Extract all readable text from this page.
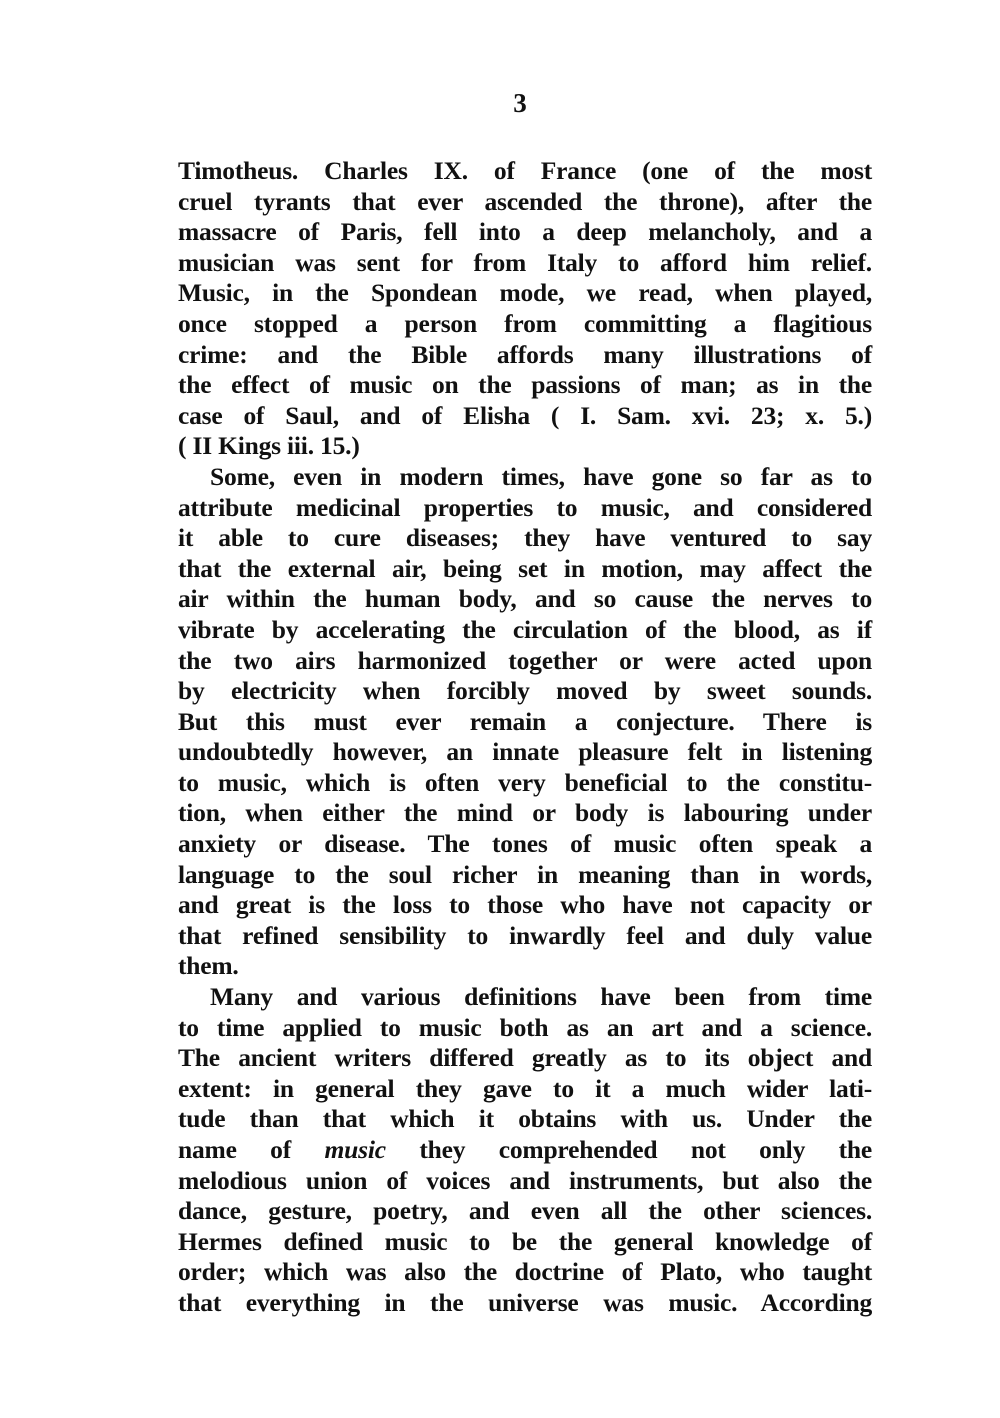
3
Timotheus. Charles IX. of France (one of the most
cruel tyrants that ever ascended the throne), after the
massacre of Paris, fell into a deep melancholy, and a
musician was sent for from Italy to afford him relief.
Music, in the Spondean mode, we read, when played,
once stopped a person from committing a flagitious
crime: and the Bible affords many illustrations of
the effect of music on the passions of man; as in the
case of Saul, and of Elisha ( I. Sam. xvi. 23; x. 5.)
( II Kings iii. 15.)
Some, even in modern times, have gone so far as to
attribute medicinal properties to music, and considered
it able to cure diseases; they have ventured to say
that the external air, being set in motion, may affect the
air within the human body, and so cause the nerves to
vibrate by accelerating the circulation of the blood, as if
the two airs harmonized together or were acted upon
by electricity when forcibly moved by sweet sounds.
But this must ever remain a conjecture. There is
undoubtedly however, an innate pleasure felt in listening
to music, which is often very beneficial to the constitu-
tion, when either the mind or body is labouring under
anxiety or disease. The tones of music often speak a
language to the soul richer in meaning than in words,
and great is the loss to those who have not capacity or
that refined sensibility to inwardly feel and duly value
them.
Many and various definitions have been from time
to time applied to music both as an art and a science.
The ancient writers differed greatly as to its object and
extent: in general they gave to it a much wider lati-
tude than that which it obtains with us. Under the
name of music they comprehended not only the
melodious union of voices and instruments, but also the
dance, gesture, poetry, and even all the other sciences.
Hermes defined music to be the general knowledge of
order; which was also the doctrine of Plato, who taught
that everything in the universe was music. According
